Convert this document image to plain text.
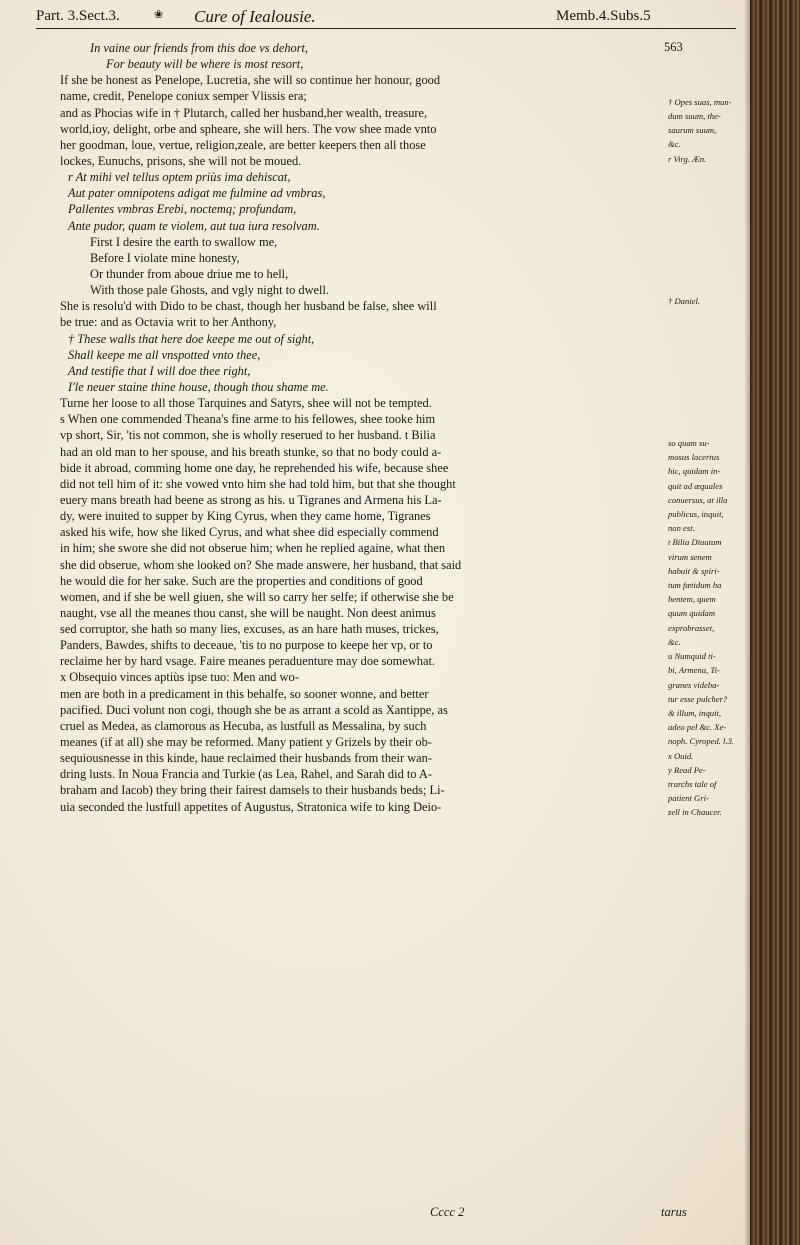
Part. 3.Sect.3.	❀ Cure of Iealousie.	Memb.4.Subs.5
In vaine our friends from this doe vs dehort,
For beauty will be where is most resort,
If she be honest as Penelope, Lucretia, she will so continue her honour, good
name, credit, Penelope coniux semper Vlissis era;
and as Phocias wife in † Plutarch, called her husband,her wealth, treasure,
world,ioy, delight, orbe and spheare, she will hers. The vow shee made vnto
her goodman, loue, vertue, religion,zeale, are better keepers then all those
lockes, Eunuchs, prisons, she will not be moued.
r At mihi vel tellus optem priùs ima dehiscat,
Aut pater omnipotens adigat me fulmine ad vmbras,
Pallentes vmbras Erebi, noctemq; profundam,
Ante pudor, quam te violem, aut tua iura resolvam.
First I desire the earth to swallow me,
Before I violate mine honesty,
Or thunder from aboue driue me to hell,
With those pale Ghosts, and vgly night to dwell.
She is resolu'd with Dido to be chast, though her husband be false, shee will
be true: and as Octavia writ to her Anthony,
† These walls that here doe keepe me out of sight,
Shall keepe me all vnspotted vnto thee,
And testifie that I will doe thee right,
I'le neuer staine thine house, though thou shame me.
Turne her loose to all those Tarquines and Satyrs, shee will not be tempted.
s When one commended Theana's fine arme to his fellowes, shee tooke him
vp short, Sir, 'tis not common, she is wholly reserued to her husband. t Bilia
had an old man to her spouse, and his breath stunke, so that no body could a-
bide it abroad, comming home one day, he reprehended his wife, because shee
did not tell him of it: she vowed vnto him she had told him, but that she thought
euery mans breath had beene as strong as his. u Tigranes and Armena his La-
dy, were inuited to supper by King Cyrus, when they came home, Tigranes
asked his wife, how she liked Cyrus, and what shee did especially commend
in him; she swore she did not obserue him; when he replied againe, what then
she did obserue, whom she looked on? She made answere, her husband, that said
he would die for her sake. Such are the properties and conditions of good
women, and if she be well giuen, she will so carry her selfe; if otherwise she be
naught, vse all the meanes thou canst, she will be naught. Non deest animus
sed corruptor, she hath so many lies, excuses, as an hare hath muses, trickes,
Panders, Bawdes, shifts to deceaue, 'tis to no purpose to keepe her vp, or to
reclaime her by hard vsage. Faire meanes peraduenture may doe somewhat.
x Obsequio vinces aptiùs ipse tuo: Men and wo-
men are both in a predicament in this behalfe, so sooner wonne, and better
pacified. Duci volunt non cogi, though she be as arrant a scold as Xantippe, as
cruel as Medea, as clamorous as Hecuba, as lustfull as Messalina, by such
meanes (if at all) she may be reformed. Many patient y Grizels by their ob-
sequiousnesse in this kinde, haue reclaimed their husbands from their wan-
dring lusts. In Noua Francia and Turkie (as Lea, Rahel, and Sarah did to A-
braham and Iacob) they bring their fairest damsels to their husbands beds; Li-
uia seconded the lustfull appetites of Augustus, Stratonica wife to king Deio-
563
† Opes suas, mun-
dum suum, the-
saurum suum,
&c.
r Virg. Æn.
† Daniel.
so quam su-
mosus lacertus
hic, quidam in-
quit ad æquales
conuersus, at illa
publicus, inquit,
non est.
t Bilia Diuutum
virum senem
habuit & spiri-
tum fætidum ha
bentem, quem
quum quidam
exprobrasset,
&c.
u Numquid ti-
bi, Armena, Ti-
granes videba-
tur esse pulcher?
& illum, inquit,
adeo pel &c. Xe-
noph. Cyroped. l.3.
x Ouid.
y Read Pe-
trarchs tale of
patient Gri-
zell in Chaucer.
Cccc 2	tarus
